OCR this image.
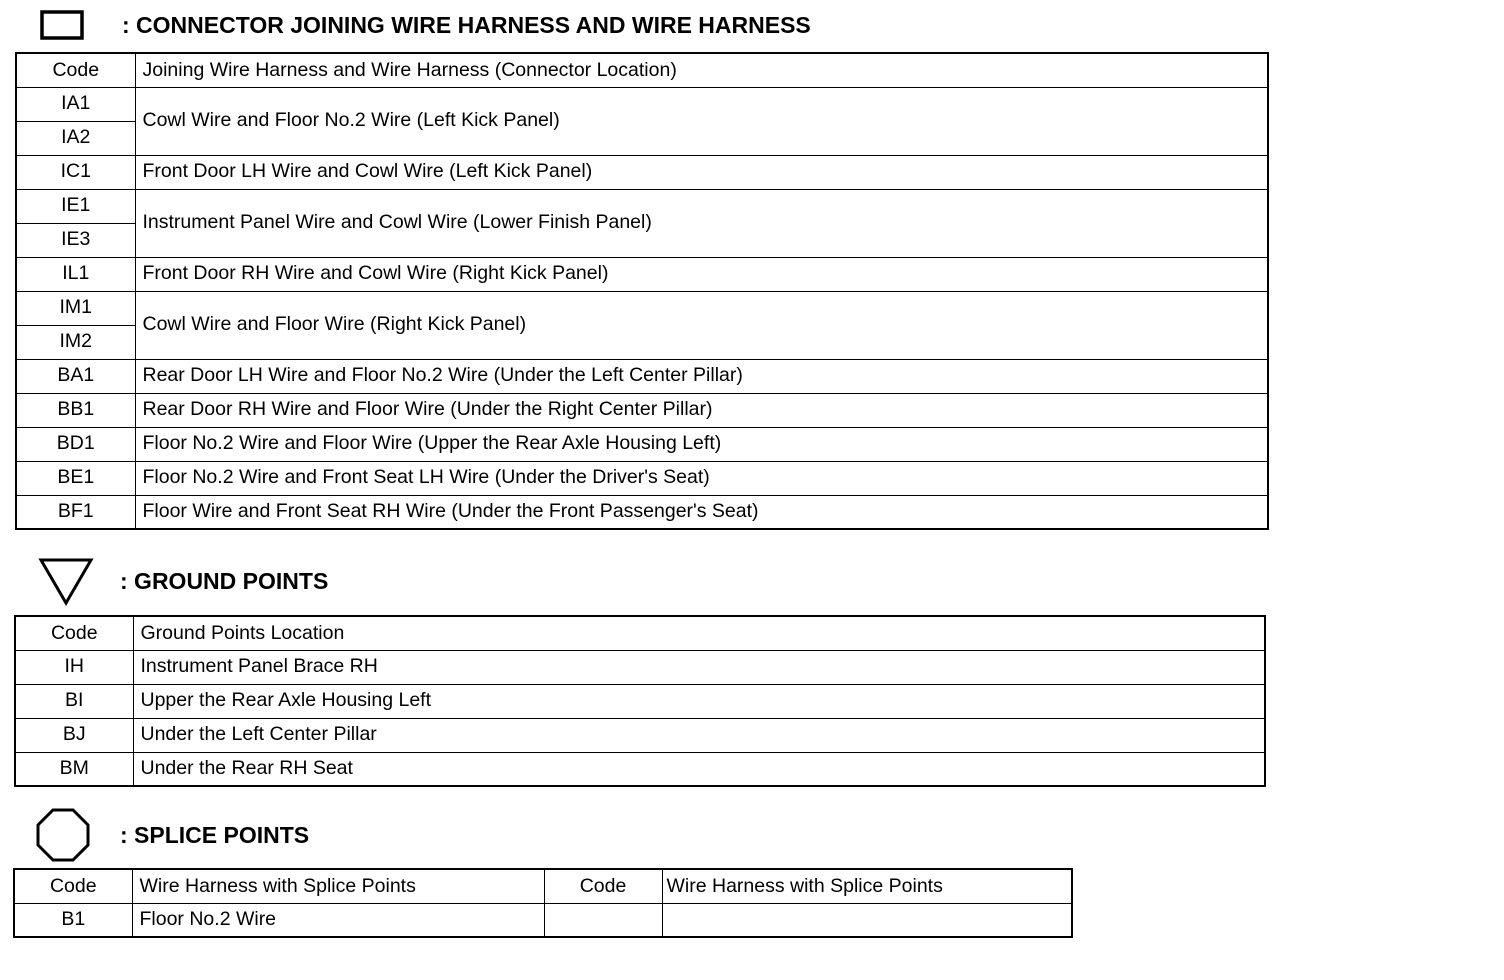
: CONNECTOR JOINING WIRE HARNESS AND WIRE HARNESS
Code	Joining Wire Harness and Wire Harness (Connector Location)
IA1	Cowl Wire and Floor No.2 Wire (Left Kick Panel)
IA2	
IC1	Front Door LH Wire and Cowl Wire (Left Kick Panel)
IE1	Instrument Panel Wire and Cowl Wire (Lower Finish Panel)
IE3	
IL1	Front Door RH Wire and Cowl Wire (Right Kick Panel)
IM1	Cowl Wire and Floor Wire (Right Kick Panel)
IM2	
BA1	Rear Door LH Wire and Floor No.2 Wire (Under the Left Center Pillar)
BB1	Rear Door RH Wire and Floor Wire (Under the Right Center Pillar)
BD1	Floor No.2 Wire and Floor Wire (Upper the Rear Axle Housing Left)
BE1	Floor No.2 Wire and Front Seat LH Wire (Under the Driver's Seat)
BF1	Floor Wire and Front Seat RH Wire (Under the Front Passenger's Seat)
: GROUND POINTS
Code	Ground Points Location
IH	Instrument Panel Brace RH
BI	Upper the Rear Axle Housing Left
BJ	Under the Left Center Pillar
BM	Under the Rear RH Seat
: SPLICE POINTS
Code	Wire Harness with Splice Points	Code	Wire Harness with Splice Points
B1	Floor No.2 Wire		
